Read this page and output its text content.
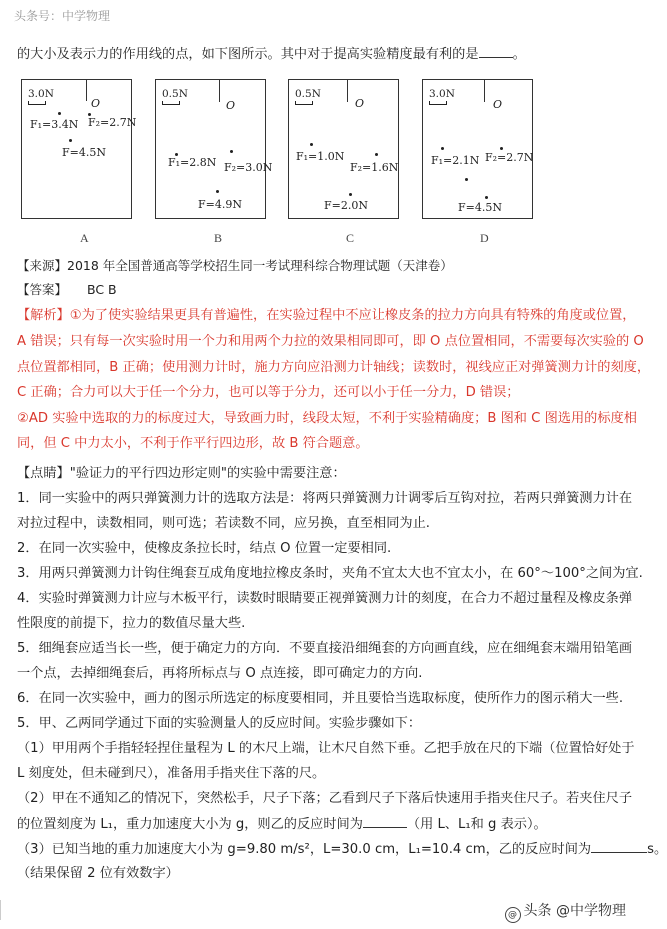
头条号：中学物理
的大小及表示力的作用线的点，如下图所示。其中对于提高实验精度最有利的是	。
3.0N
O
F₁=3.4N F₂=2.7N
F=4.5N
0.5N
O
F₁=2.8N F₂=3.0N
F=4.9N
0.5N
O
F₁=1.0N
F₂=1.6N
F=2.0N
3.0N
O
F₁=2.1N F₂=2.7N
F=4.5N
A	B	C	D
【来源】2018 年全国普通高等学校招生同一考试理科综合物理试题（天津卷）
【答案】 BC B
【解析】①为了使实验结果更具有普遍性，在实验过程中不应让橡皮条的拉力方向具有特殊的角度或位置，
A 错误；只有每一次实验时用一个力和用两个力拉的效果相同即可，即 O 点位置相同，不需要每次实验的 O
点位置都相同，B 正确；使用测力计时，施力方向应沿测力计轴线；读数时，视线应正对弹簧测力计的刻度，
C 正确；合力可以大于任一个分力，也可以等于分力，还可以小于任一分力，D 错误；
②AD 实验中选取的力的标度过大，导致画力时，线段太短，不利于实验精确度；B 图和 C 图选用的标度相
同，但 C 中力太小，不利于作平行四边形，故 B 符合题意。
【点睛】"验证力的平行四边形定则"的实验中需要注意：
1．同一实验中的两只弹簧测力计的选取方法是：将两只弹簧测力计调零后互钩对拉，若两只弹簧测力计在
对拉过程中，读数相同，则可选；若读数不同，应另换，直至相同为止.
2．在同一次实验中，使橡皮条拉长时，结点 O 位置一定要相同.
3．用两只弹簧测力计钩住绳套互成角度地拉橡皮条时，夹角不宜太大也不宜太小，在 60°～100°之间为宜.
4．实验时弹簧测力计应与木板平行，读数时眼睛要正视弹簧测力计的刻度，在合力不超过量程及橡皮条弹
性限度的前提下，拉力的数值尽量大些.
5．细绳套应适当长一些，便于确定力的方向．不要直接沿细绳套的方向画直线，应在细绳套末端用铅笔画
一个点，去掉细绳套后，再将所标点与 O 点连接，即可确定力的方向.
6．在同一次实验中，画力的图示所选定的标度要相同，并且要恰当选取标度，使所作力的图示稍大一些.
5．甲、乙两同学通过下面的实验测量人的反应时间。实验步骤如下：
（1）甲用两个手指轻轻捏住量程为 L 的木尺上端，让木尺自然下垂。乙把手放在尺的下端（位置恰好处于
L 刻度处，但未碰到尺），准备用手指夹住下落的尺。
（2）甲在不通知乙的情况下，突然松手，尺子下落；乙看到尺子下落后快速用手指夹住尺子。若夹住尺子
的位置刻度为 L₁，重力加速度大小为 g，则乙的反应时间为	（用 L、L₁和 g 表示）。
（3）已知当地的重力加速度大小为 g=9.80 m/s²，L=30.0 cm，L₁=10.4 cm，乙的反应时间为	s。
（结果保留 2 位有效数字）
@ 头条 @中学物理
